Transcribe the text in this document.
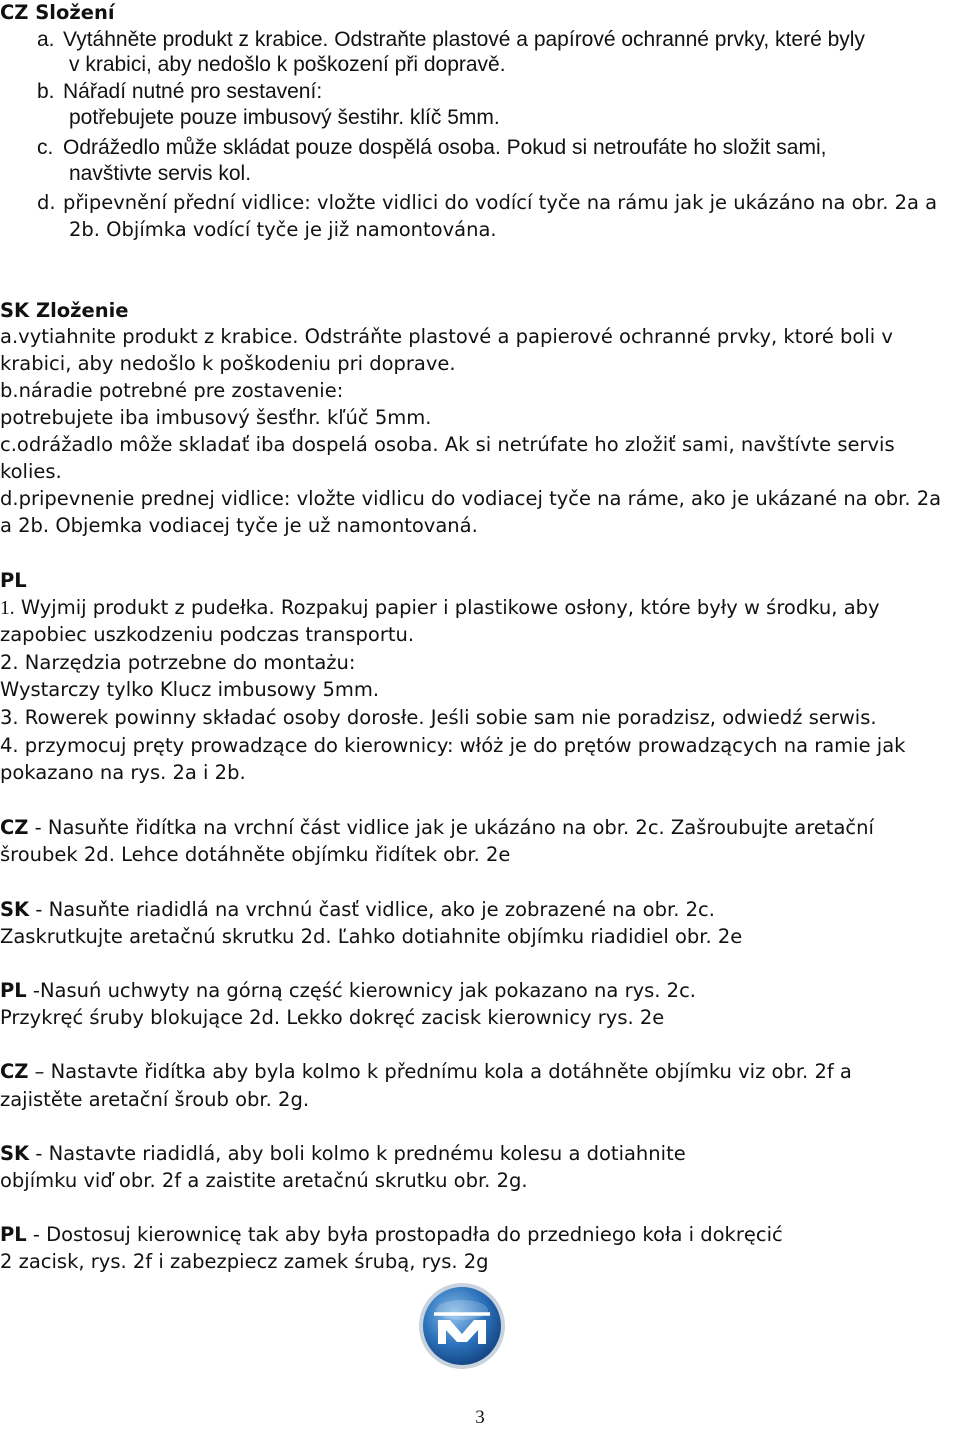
CZ Složení
a. Vytáhněte produkt z krabice. Odstraňte plastové a papírové ochranné prvky, které byly
v krabici, aby nedošlo k poškození při dopravě.
b. Nářadí nutné pro sestavení:
potřebujete pouze imbusový šestihr. klíč 5mm.
c. Odrážedlo může skládat pouze dospělá osoba. Pokud si netroufáte ho složit sami,
navštivte servis kol.
d. připevnění přední vidlice: vložte vidlici do vodící tyče na rámu jak je ukázáno na obr. 2a a
2b. Objímka vodící tyče je již namontována.
SK Zloženie
a.vytiahnite produkt z krabice. Odstráňte plastové a papierové ochranné prvky, ktoré boli v
krabici, aby nedošlo k poškodeniu pri doprave.
b.náradie potrebné pre zostavenie:
potrebujete iba imbusový šesťhr. kľúč 5mm.
c.odrážadlo môže skladať iba dospelá osoba. Ak si netrúfate ho zložiť sami, navštívte servis
kolies.
d.pripevnenie prednej vidlice: vložte vidlicu do vodiacej tyče na ráme, ako je ukázané na obr. 2a
a 2b. Objemka vodiacej tyče je už namontovaná.
PL
1. Wyjmij produkt z pudełka. Rozpakuj papier i plastikowe osłony, które były w środku, aby
zapobiec uszkodzeniu podczas transportu.
2. Narzędzia potrzebne do montażu:
Wystarczy tylko Klucz imbusowy 5mm.
3. Rowerek powinny składać osoby dorosłe. Jeśli sobie sam nie poradzisz, odwiedź serwis.
4. przymocuj pręty prowadzące do kierownicy: włóż je do prętów prowadzących na ramie jak
pokazano na rys. 2a i 2b.
CZ - Nasuňte řidítka na vrchní část vidlice jak je ukázáno na obr. 2c. Zašroubujte aretační
šroubek 2d. Lehce dotáhněte objímku řidítek obr. 2e
SK - Nasuňte riadidlá na vrchnú časť vidlice, ako je zobrazené na obr. 2c.
Zaskrutkujte aretačnú skrutku 2d. Ľahko dotiahnite objímku riadidiel obr. 2e
PL -Nasuń uchwyty na górną część kierownicy jak pokazano na rys. 2c.
Przykręć śruby blokujące 2d. Lekko dokręć zacisk kierownicy rys. 2e
CZ – Nastavte řidítka aby byla kolmo k přednímu kola a dotáhněte objímku viz obr. 2f a
zajistěte aretační šroub obr. 2g.
SK - Nastavte riadidlá, aby boli kolmo k prednému kolesu a dotiahnite
objímku viď obr. 2f a zaistite aretačnú skrutku obr. 2g.
PL - Dostosuj kierownicę tak aby była prostopadła do przedniego koła i dokręcić
2 zacisk, rys. 2f i zabezpiecz zamek śrubą, rys. 2g
3
